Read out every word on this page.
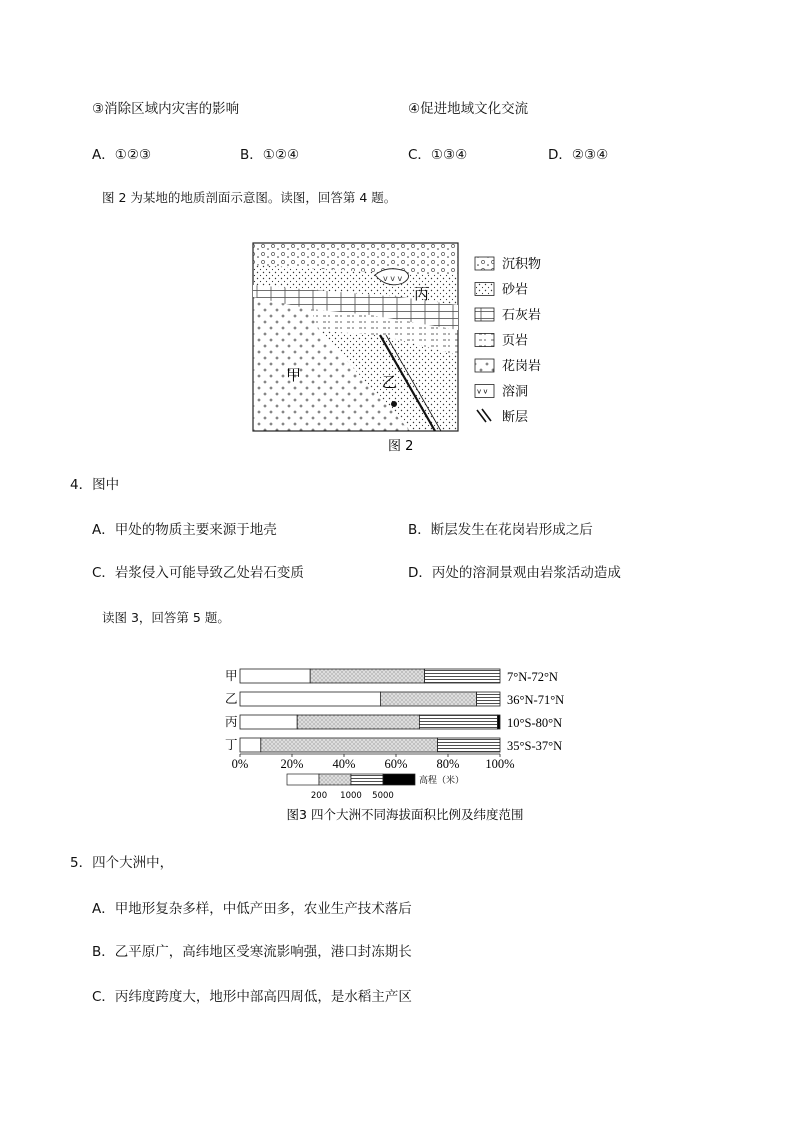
③消除区域内灾害的影响	④促进地域文化交流
A．①②③	B．①②④	C．①③④	D．②③④
图 2 为某地的地质剖面示意图。读图，回答第 4 题。
v v v
甲	乙
丙
沉积物
砂岩
石灰岩
页岩
花岗岩
v v 溶洞
断层
图 2
4．图中
A．甲处的物质主要来源于地壳	B．断层发生在花岗岩形成之后
C．岩浆侵入可能导致乙处岩石变质	D．丙处的溶洞景观由岩浆活动造成
读图 3，回答第 5 题。
甲	7°N-72°N
乙	36°N-71°N
丙	10°S-80°N
丁	35°S-37°N
0%	20% 40% 60% 80% 100%
高程（米）
200 1000 5000
图3 四个大洲不同海拔面积比例及纬度范围
5．四个大洲中，
A．甲地形复杂多样，中低产田多，农业生产技术落后
B．乙平原广，高纬地区受寒流影响强，港口封冻期长
C．丙纬度跨度大，地形中部高四周低，是水稻主产区
